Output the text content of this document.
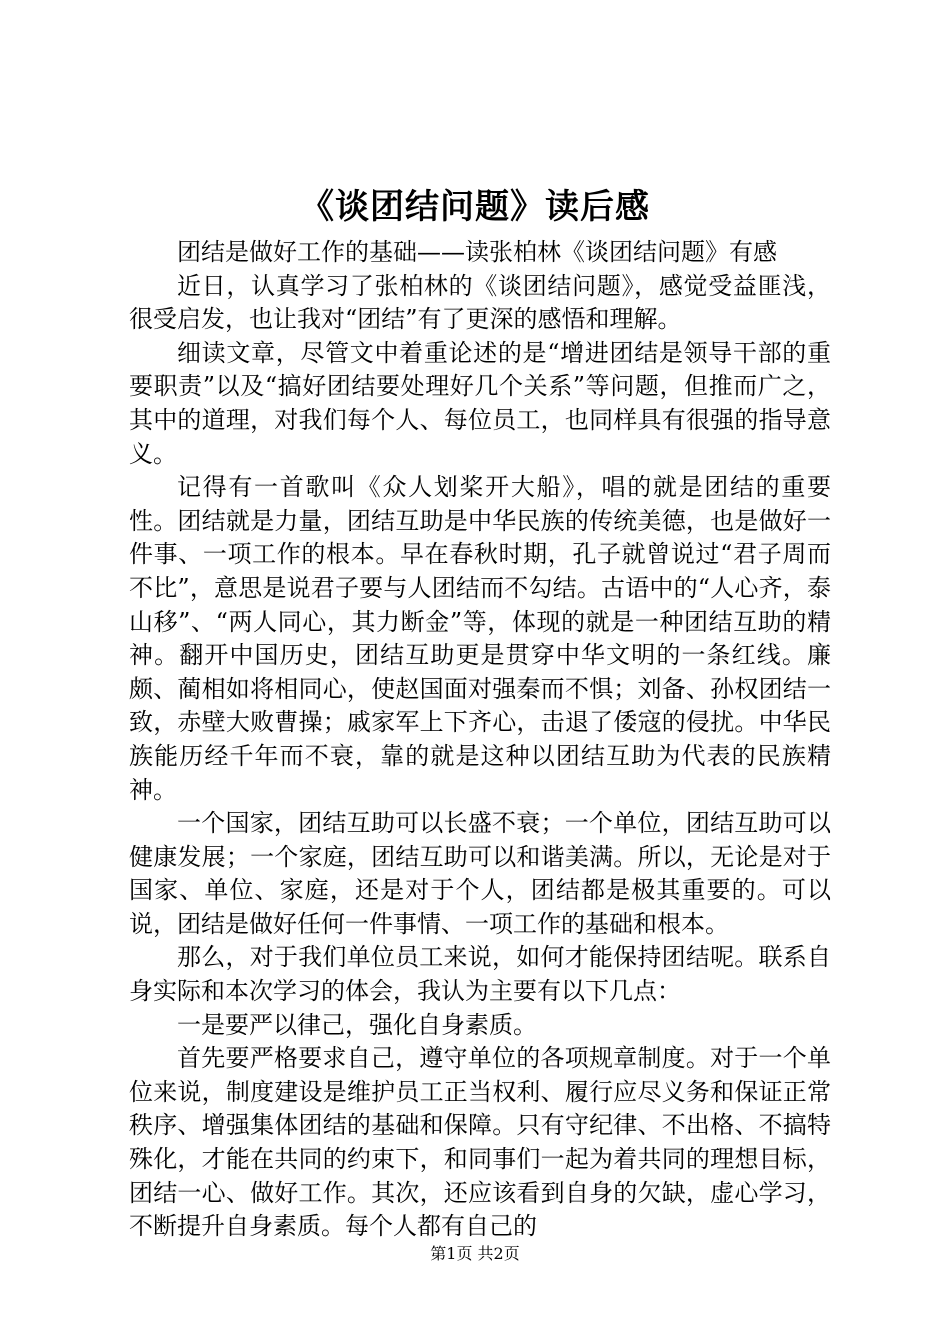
《谈团结问题》读后感

团结是做好工作的基础——读张柏林《谈团结问题》有感

近日，认真学习了张柏林的《谈团结问题》，感觉受益匪浅，很受启发，也让我对“团结”有了更深的感悟和理解。

细读文章，尽管文中着重论述的是“增进团结是领导干部的重要职责”以及“搞好团结要处理好几个关系”等问题，但推而广之，其中的道理，对我们每个人、每位员工，也同样具有很强的指导意义。

记得有一首歌叫《众人划桨开大船》，唱的就是团结的重要性。团结就是力量，团结互助是中华民族的传统美德，也是做好一件事、一项工作的根本。早在春秋时期，孔子就曾说过“君子周而不比”，意思是说君子要与人团结而不勾结。古语中的“人心齐，泰山移”、“两人同心，其力断金”等，体现的就是一种团结互助的精神。翻开中国历史，团结互助更是贯穿中华文明的一条红线。廉颇、蔺相如将相同心，使赵国面对强秦而不惧；刘备、孙权团结一致，赤壁大败曹操；戚家军上下齐心，击退了倭寇的侵扰。中华民族能历经千年而不衰，靠的就是这种以团结互助为代表的民族精神。

一个国家，团结互助可以长盛不衰；一个单位，团结互助可以健康发展；一个家庭，团结互助可以和谐美满。所以，无论是对于国家、单位、家庭，还是对于个人，团结都是极其重要的。可以说，团结是做好任何一件事情、一项工作的基础和根本。

那么，对于我们单位员工来说，如何才能保持团结呢。联系自身实际和本次学习的体会，我认为主要有以下几点：

一是要严以律己，强化自身素质。

首先要严格要求自己，遵守单位的各项规章制度。对于一个单位来说，制度建设是维护员工正当权利、履行应尽义务和保证正常秩序、增强集体团结的基础和保障。只有守纪律、不出格、不搞特殊化，才能在共同的约束下，和同事们一起为着共同的理想目标，团结一心、做好工作。其次，还应该看到自身的欠缺，虚心学习，不断提升自身素质。每个人都有自己的

第1页 共2页
